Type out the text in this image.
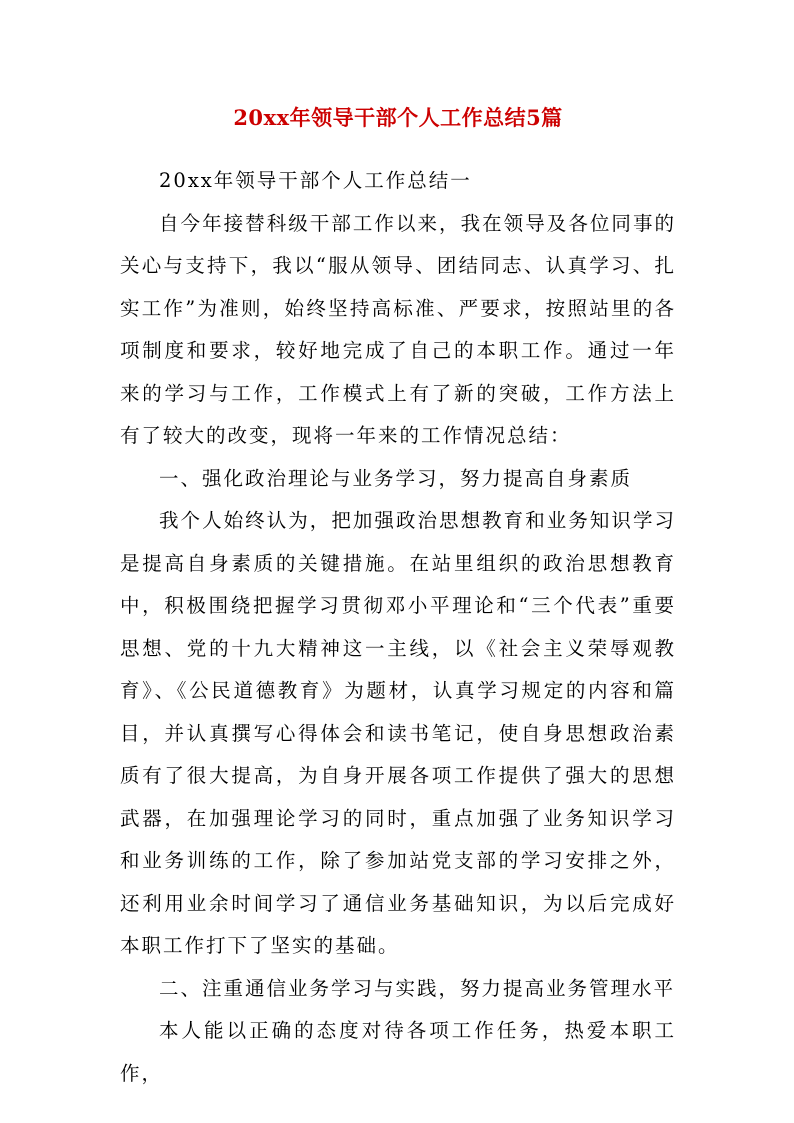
20xx年领导干部个人工作总结5篇

20xx年领导干部个人工作总结一

自今年接替科级干部工作以来，我在领导及各位同事的关心与支持下，我以“服从领导、团结同志、认真学习、扎实工作”为准则，始终坚持高标准、严要求，按照站里的各项制度和要求，较好地完成了自己的本职工作。通过一年来的学习与工作，工作模式上有了新的突破，工作方法上有了较大的改变，现将一年来的工作情况总结：

一、强化政治理论与业务学习，努力提高自身素质

我个人始终认为，把加强政治思想教育和业务知识学习是提高自身素质的关键措施。在站里组织的政治思想教育中，积极围绕把握学习贯彻邓小平理论和“三个代表”重要思想、党的十九大精神这一主线，以《社会主义荣辱观教育》、《公民道德教育》为题材，认真学习规定的内容和篇目，并认真撰写心得体会和读书笔记，使自身思想政治素质有了很大提高，为自身开展各项工作提供了强大的思想武器，在加强理论学习的同时，重点加强了业务知识学习和业务训练的工作，除了参加站党支部的学习安排之外，还利用业余时间学习了通信业务基础知识，为以后完成好本职工作打下了坚实的基础。

二、注重通信业务学习与实践，努力提高业务管理水平

本人能以正确的态度对待各项工作任务，热爱本职工作，
